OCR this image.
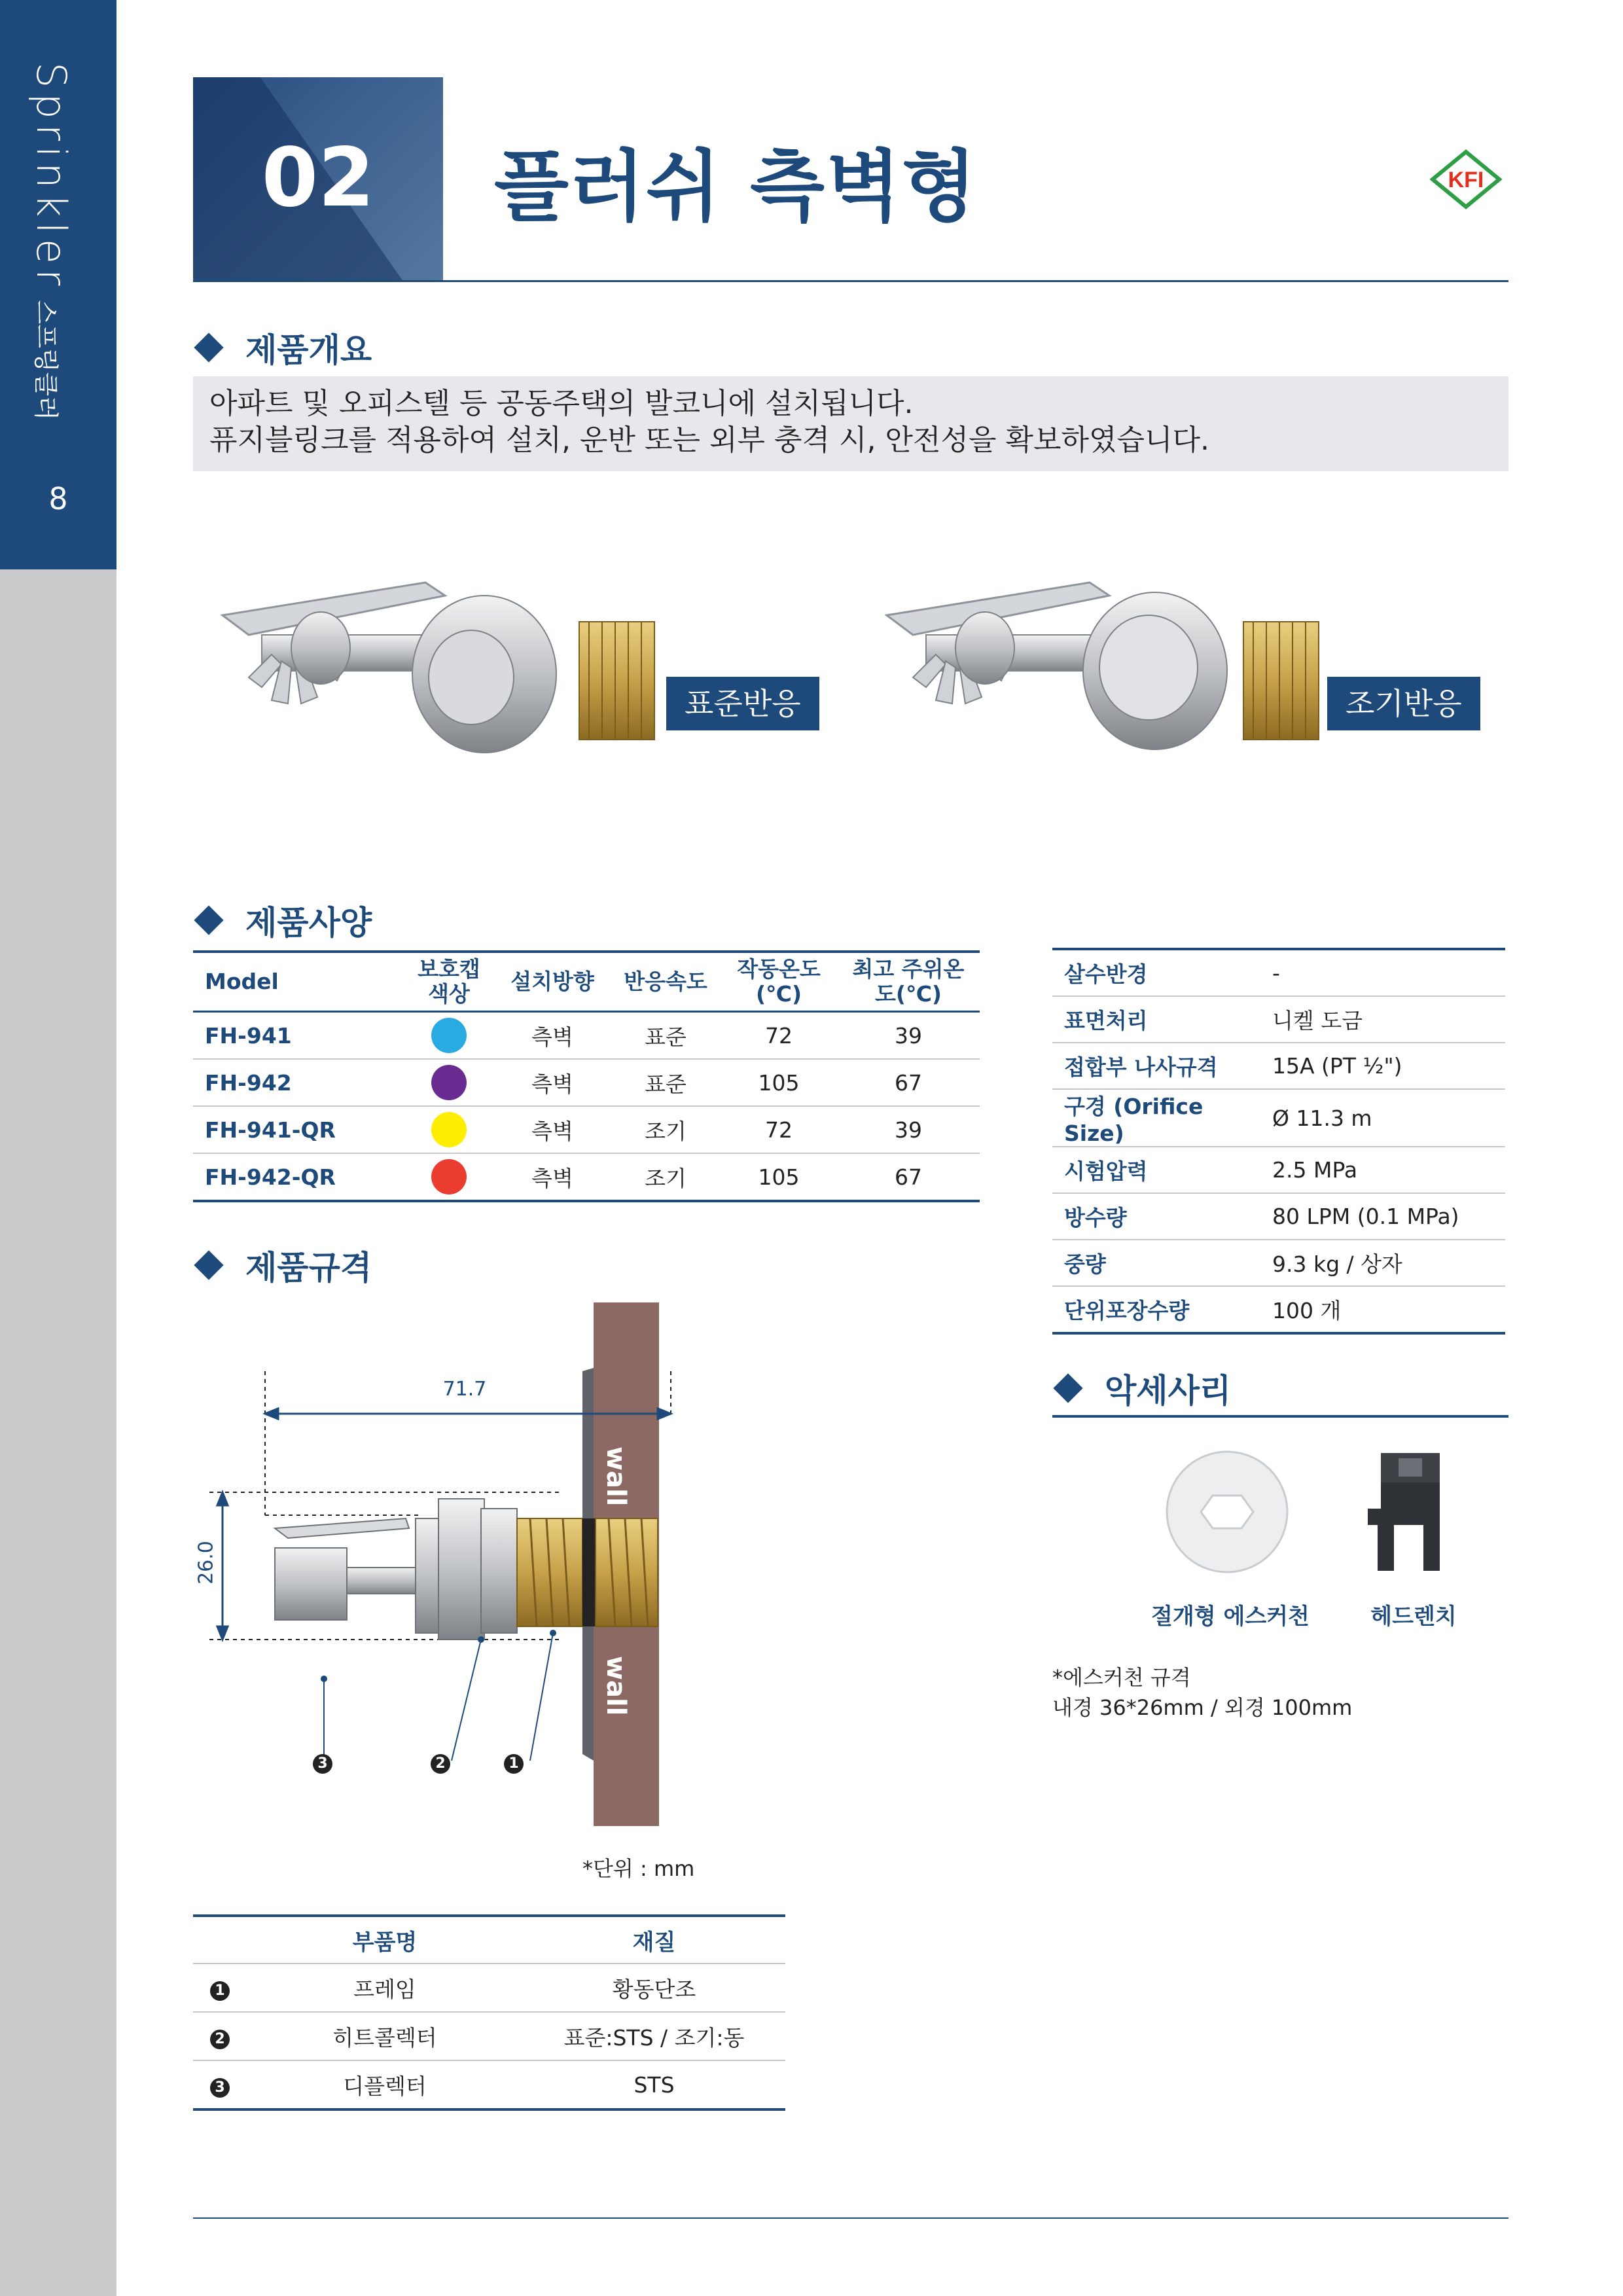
Sprinkler스프링클러
8
02	플러쉬 측벽형	KFI
제품개요

아파트 및 오피스텔 등 공동주택의 발코니에 설치됩니다.

퓨지블링크를 적용하여 설치, 운반 또는 외부 충격 시, 안전성을 확보하였습니다.

표준반응	조기반응
제품사양
Model	보호캡 색상	설치방향	반응속도	작동온도 (℃)	최고 주위온도(℃)
FH-941		측벽	표준	72	39
FH-942		측벽	표준	105	67
FH-941-QR		측벽	조기	72	39
FH-942-QR		측벽	조기	105	67
살수반경	-
표면처리	니켈 도금
접합부 나사규격	15A (PT ½")
구경 (Orifice Size)	Ø 11.3 m
시험압력	2.5 MPa
방수량	80 LPM (0.1 MPa)
중량	9.3 kg / 상자
단위포장수량	100 개
제품규격
71.7
26.0
wall
wall
3	2	1
*단위 : mm
	부품명	재질
1	프레임	황동단조
2	히트콜렉터	표준:STS / 조기:동
3	디플렉터	STS
악세사리
절개형 에스커천	헤드렌치
*에스커천 규격
내경 36*26mm / 외경 100mm
